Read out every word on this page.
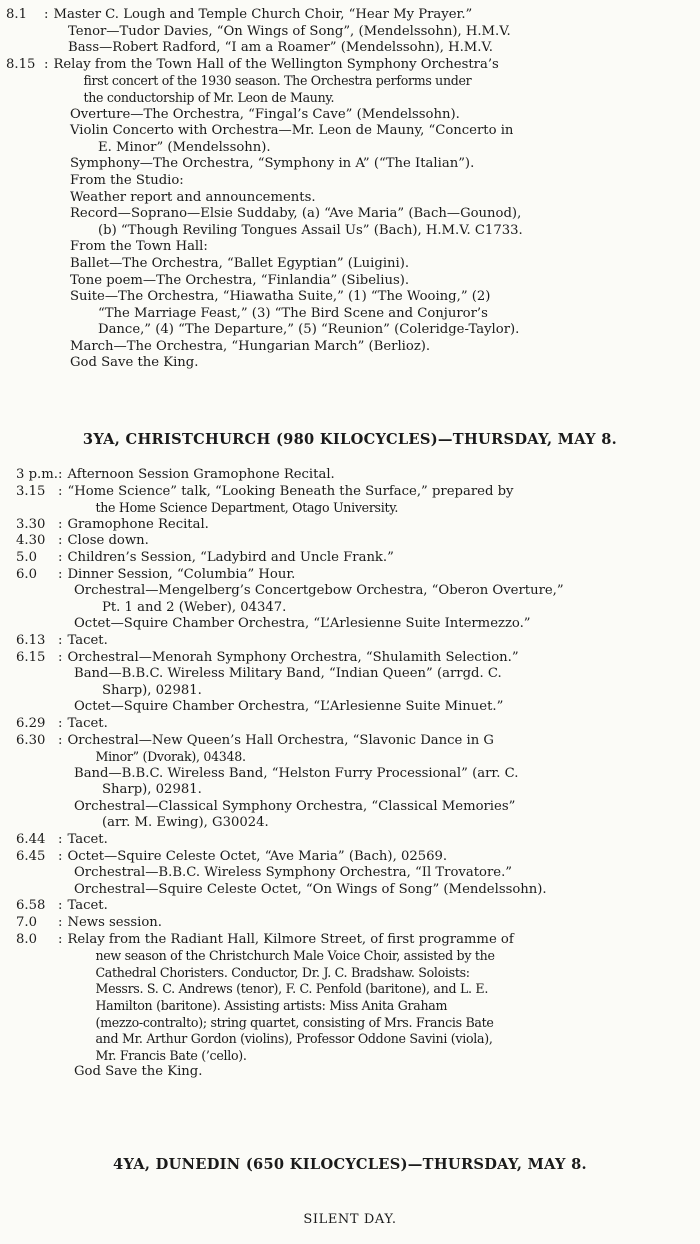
8.1	: Master C. Lough and Temple Church Choir, “Hear My Prayer.”
Tenor—Tudor Davies, “On Wings of Song”, (Mendelssohn), H.M.V.
Bass—Robert Radford, “I am a Roamer” (Mendelssohn), H.M.V.
8.15 : Relay from the Town Hall of the Wellington Symphony Orchestra’s
first concert of the 1930 season. The Orchestra performs under
the conductorship of Mr. Leon de Mauny.
Overture—The Orchestra, “Fingal’s Cave” (Mendelssohn).
Violin Concerto with Orchestra—Mr. Leon de Mauny, “Concerto in
E. Minor” (Mendelssohn).
Symphony—The Orchestra, “Symphony in A” (“The Italian”).
From the Studio:
Weather report and announcements.
Record—Soprano—Elsie Suddaby, (a) “Ave Maria” (Bach—Gounod),
(b) “Though Reviling Tongues Assail Us” (Bach), H.M.V. C1733.
From the Town Hall:
Ballet—The Orchestra, “Ballet Egyptian” (Luigini).
Tone poem—The Orchestra, “Finlandia” (Sibelius).
Suite—The Orchestra, “Hiawatha Suite,” (1) “The Wooing,” (2)
“The Marriage Feast,” (3) “The Bird Scene and Conjuror’s
Dance,” (4) “The Departure,” (5) “Reunion” (Coleridge-Taylor).
March—The Orchestra, “Hungarian March” (Berlioz).
God Save the King.
3YA, CHRISTCHURCH (980 KILOCYCLES)—THURSDAY, MAY 8.
3 p.m. : Afternoon Session Gramophone Recital.
3.15 : “Home Science” talk, “Looking Beneath the Surface,” prepared by
the Home Science Department, Otago University.
3.30 : Gramophone Recital.
4.30 : Close down.
5.0	: Children’s Session, “Ladybird and Uncle Frank.”
6.0	: Dinner Session, “Columbia” Hour.
Orchestral—Mengelberg’s Concertgebow Orchestra, “Oberon Overture,”
Pt. 1 and 2 (Weber), 04347.
Octet—Squire Chamber Orchestra, “L’Arlesienne Suite Intermezzo.”
6.13 : Tacet.
6.15 : Orchestral—Menorah Symphony Orchestra, “Shulamith Selection.”
Band—B.B.C. Wireless Military Band, “Indian Queen” (arrgd. C.
Sharp), 02981.
Octet—Squire Chamber Orchestra, “L’Arlesienne Suite Minuet.”
6.29 : Tacet.
6.30 : Orchestral—New Queen’s Hall Orchestra, “Slavonic Dance in G
Minor” (Dvorak), 04348.
Band—B.B.C. Wireless Band, “Helston Furry Processional” (arr. C.
Sharp), 02981.
Orchestral—Classical Symphony Orchestra, “Classical Memories”
(arr. M. Ewing), G30024.
6.44 : Tacet.
6.45 : Octet—Squire Celeste Octet, “Ave Maria” (Bach), 02569.
Orchestral—B.B.C. Wireless Symphony Orchestra, “Il Trovatore.”
Orchestral—Squire Celeste Octet, “On Wings of Song” (Mendelssohn).
6.58 : Tacet.
7.0	: News session.
8.0	: Relay from the Radiant Hall, Kilmore Street, of first programme of
new season of the Christchurch Male Voice Choir, assisted by the
Cathedral Choristers. Conductor, Dr. J. C. Bradshaw. Soloists:
Messrs. S. C. Andrews (tenor), F. C. Penfold (baritone), and L. E.
Hamilton (baritone). Assisting artists: Miss Anita Graham
(mezzo-contralto); string quartet, consisting of Mrs. Francis Bate
and Mr. Arthur Gordon (violins), Professor Oddone Savini (viola),
Mr. Francis Bate (’cello).
God Save the King.
4YA, DUNEDIN (650 KILOCYCLES)—THURSDAY, MAY 8.
SILENT DAY.
